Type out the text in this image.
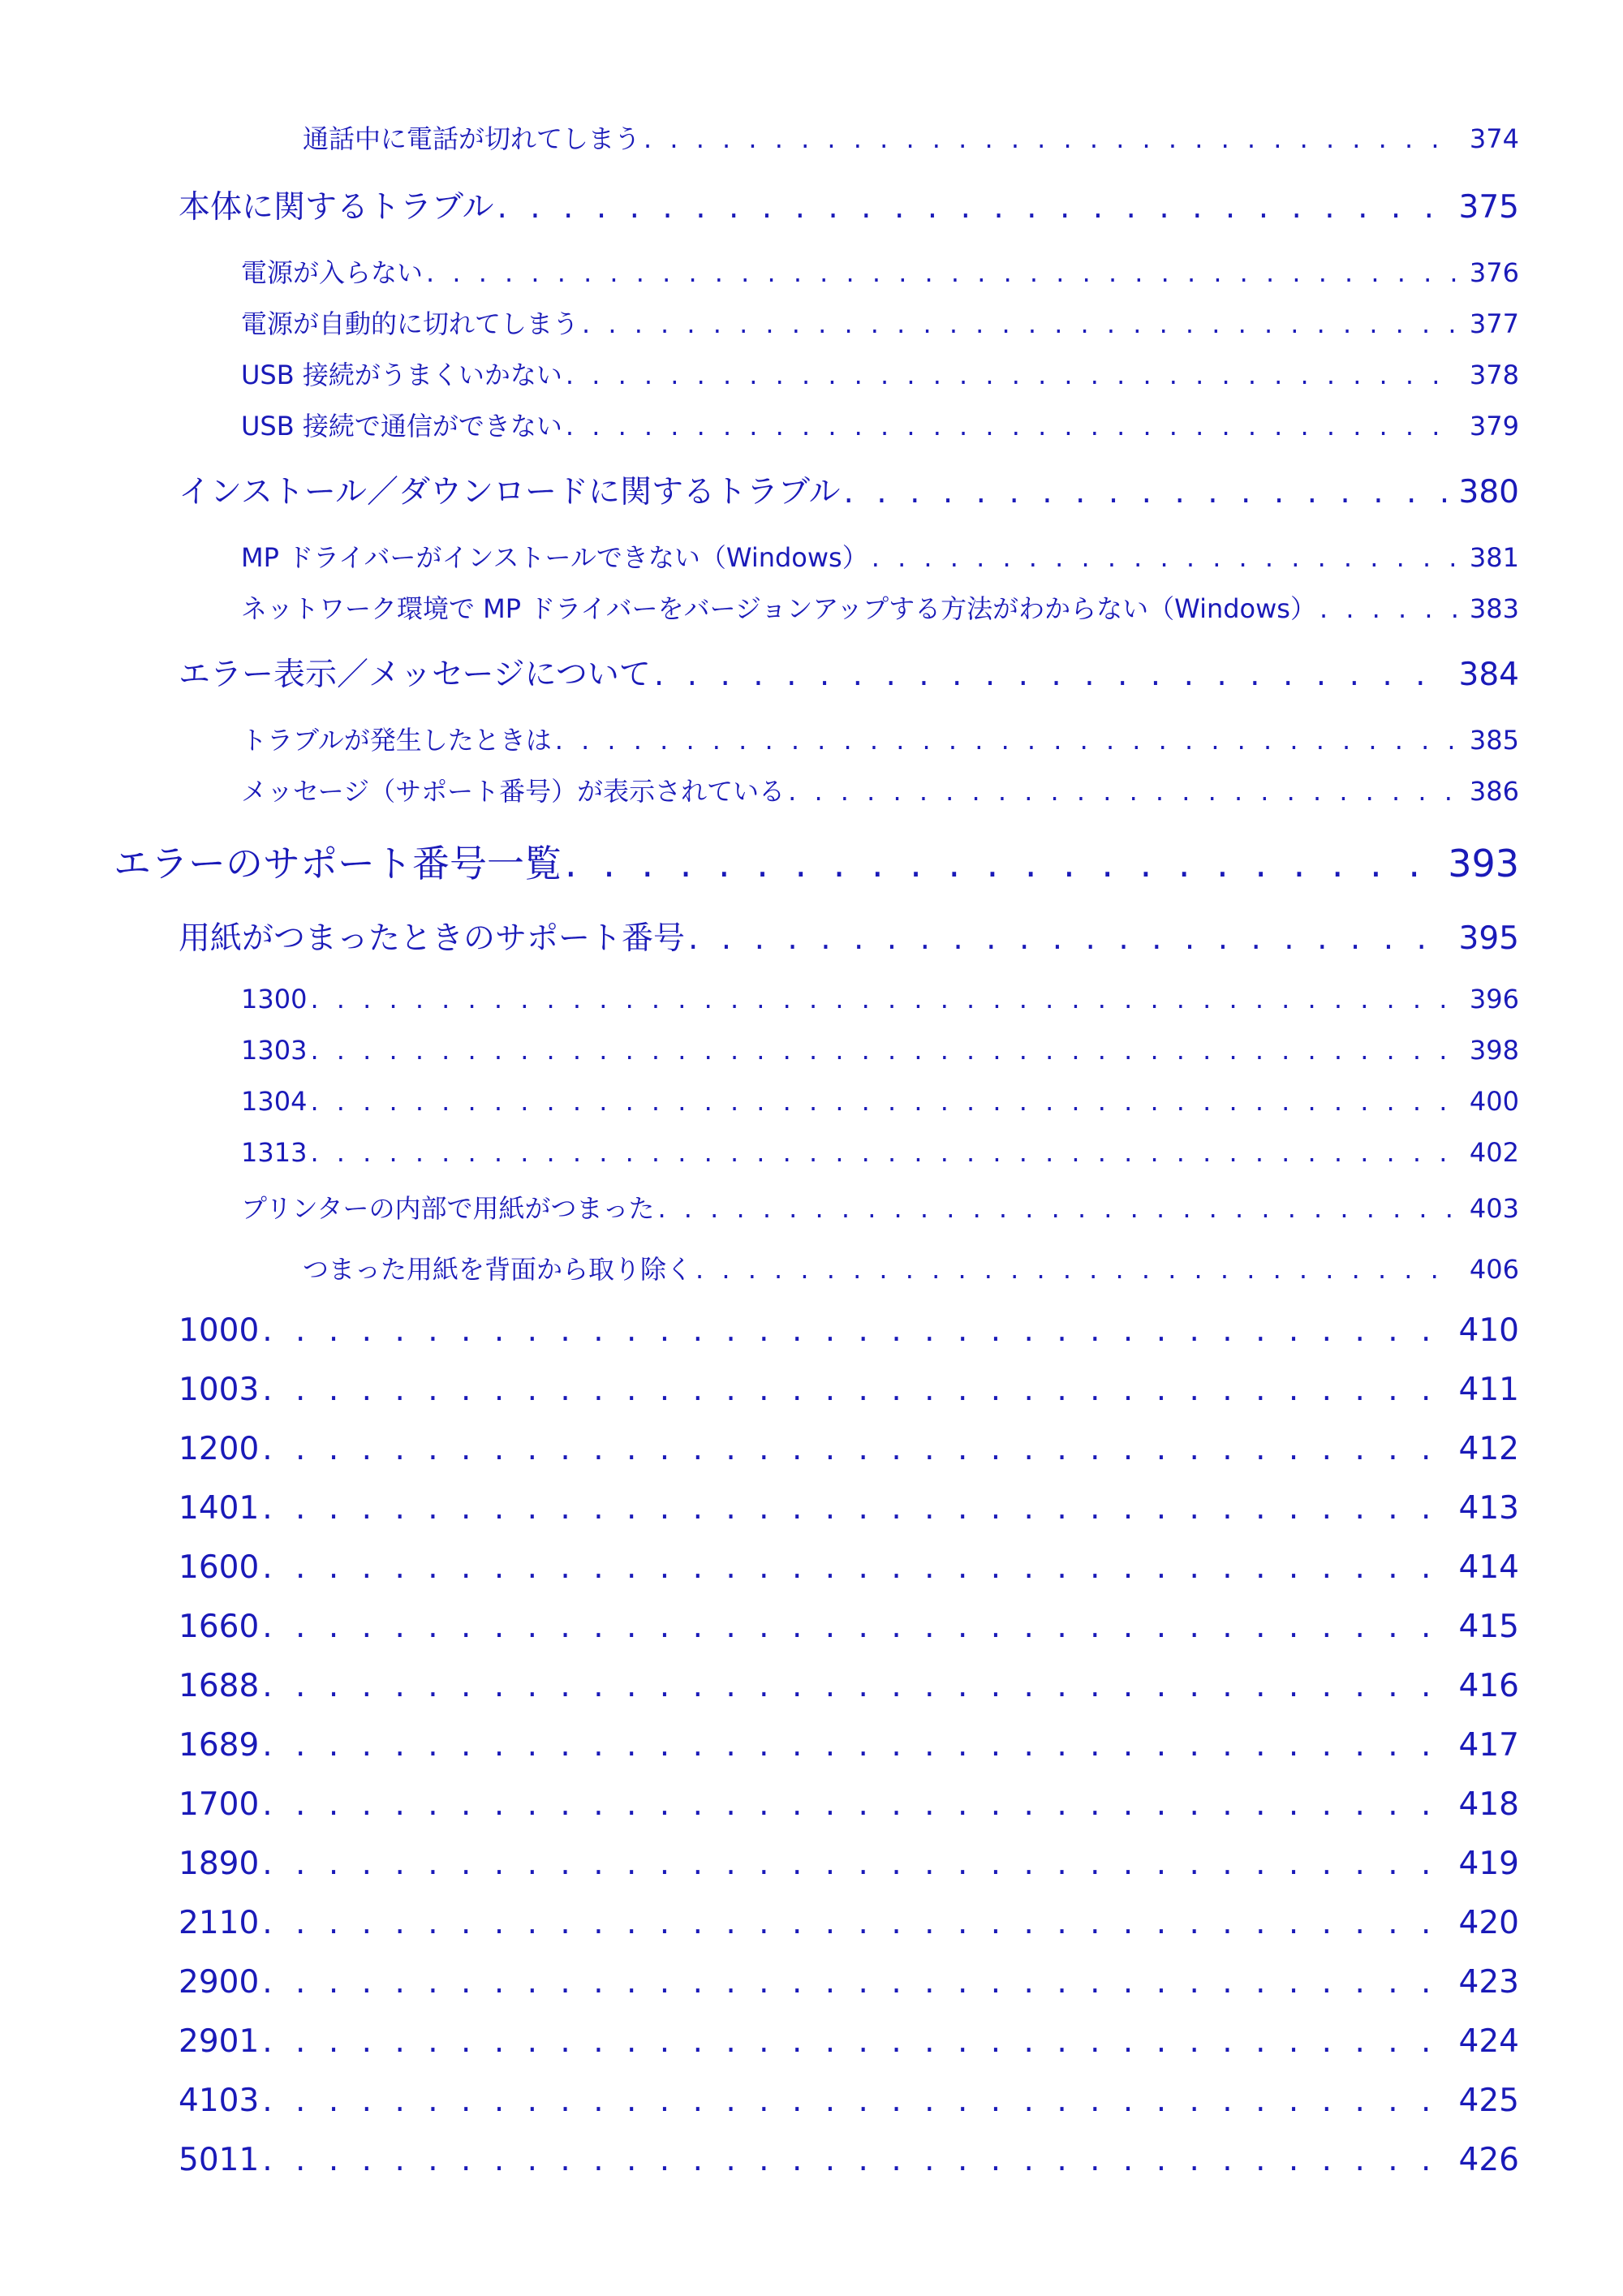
通話中に電話が切れてしまう . . .	374
本体に関するトラブル . . .	375
電源が入らない . . .	376
電源が自動的に切れてしまう . . .	377
USB 接続がうまくいかない . . .	378
USB 接続で通信ができない . . .	379
インストール／ダウンロードに関するトラブル . . .	380
MP ドライバーがインストールできない（Windows） . . .	381
ネットワーク環境で MP ドライバーをバージョンアップする方法がわからない（Windows） . . .	383
エラー表示／メッセージについて . . .	384
トラブルが発生したときは . . .	385
メッセージ（サポート番号）が表示されている . . .	386
エラーのサポート番号一覧 . . .	393
用紙がつまったときのサポート番号 . . .	395
1300 . . .	396
1303 . . .	398
1304 . . .	400
1313 . . .	402
プリンターの内部で用紙がつまった . . .	403
つまった用紙を背面から取り除く . . .	406
1000 . . .	410
1003 . . .	411
1200 . . .	412
1401 . . .	413
1600 . . .	414
1660 . . .	415
1688 . . .	416
1689 . . .	417
1700 . . .	418
1890 . . .	419
2110 . . .	420
2900 . . .	423
2901 . . .	424
4103 . . .	425
5011 . . .	426
